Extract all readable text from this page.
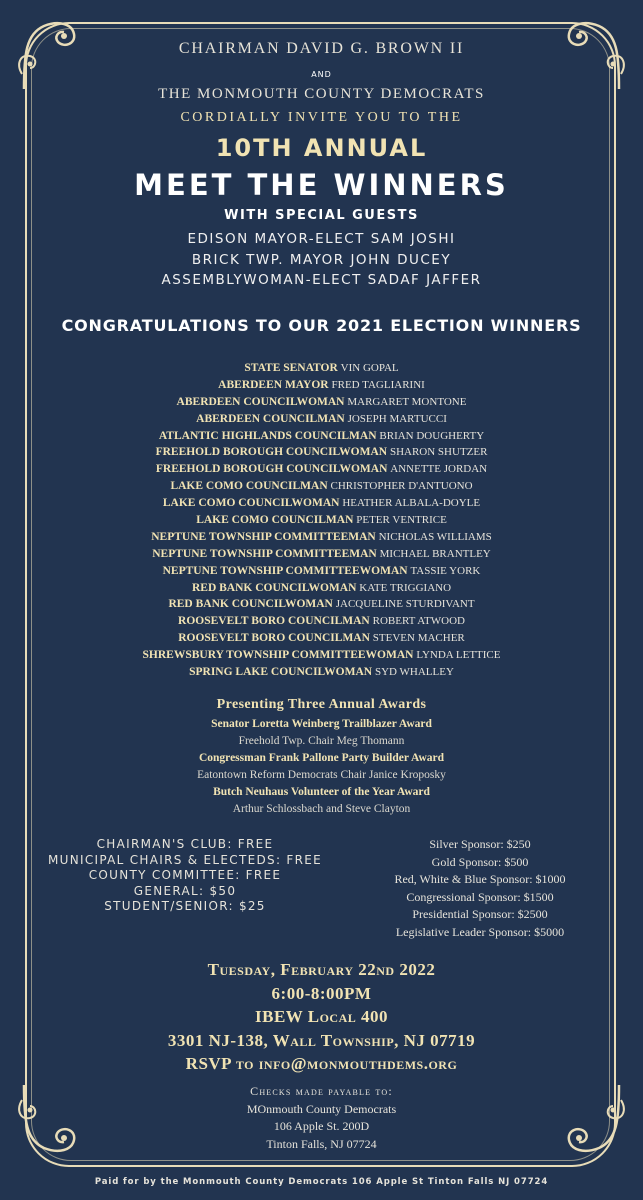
CHAIRMAN DAVID G. BROWN II
AND
THE MONMOUTH COUNTY DEMOCRATS
CORDIALLY INVITE YOU TO THE
10TH ANNUAL
MEET THE WINNERS
WITH SPECIAL GUESTS
EDISON MAYOR-ELECT SAM JOSHI
BRICK TWP. MAYOR JOHN DUCEY
ASSEMBLYWOMAN-ELECT SADAF JAFFER
CONGRATULATIONS TO OUR 2021 ELECTION WINNERS
STATE SENATOR VIN GOPAL
ABERDEEN MAYOR FRED TAGLIARINI
ABERDEEN COUNCILWOMAN MARGARET MONTONE
ABERDEEN COUNCILMAN JOSEPH MARTUCCI
ATLANTIC HIGHLANDS COUNCILMAN BRIAN DOUGHERTY
FREEHOLD BOROUGH COUNCILWOMAN SHARON SHUTZER
FREEHOLD BOROUGH COUNCILWOMAN ANNETTE JORDAN
LAKE COMO COUNCILMAN CHRISTOPHER D'ANTUONO
LAKE COMO COUNCILWOMAN HEATHER ALBALA-DOYLE
LAKE COMO COUNCILMAN PETER VENTRICE
NEPTUNE TOWNSHIP COMMITTEEMAN NICHOLAS WILLIAMS
NEPTUNE TOWNSHIP COMMITTEEMAN MICHAEL BRANTLEY
NEPTUNE TOWNSHIP COMMITTEEWOMAN TASSIE YORK
RED BANK COUNCILWOMAN KATE TRIGGIANO
RED BANK COUNCILWOMAN JACQUELINE STURDIVANT
ROOSEVELT BORO COUNCILMAN ROBERT ATWOOD
ROOSEVELT BORO COUNCILMAN STEVEN MACHER
SHREWSBURY TOWNSHIP COMMITTEEWOMAN LYNDA LETTICE
SPRING LAKE COUNCILWOMAN SYD WHALLEY
Presenting Three Annual Awards
Senator Loretta Weinberg Trailblazer Award
Freehold Twp. Chair Meg Thomann
Congressman Frank Pallone Party Builder Award
Eatontown Reform Democrats Chair Janice Kroposky
Butch Neuhaus Volunteer of the Year Award
Arthur Schlossbach and Steve Clayton
CHAIRMAN'S CLUB: FREE
MUNICIPAL CHAIRS & ELECTEDS: FREE
COUNTY COMMITTEE: FREE
GENERAL: $50
STUDENT/SENIOR: $25
Silver Sponsor: $250
Gold Sponsor: $500
Red, White & Blue Sponsor: $1000
Congressional Sponsor: $1500
Presidential Sponsor: $2500
Legislative Leader Sponsor: $5000
Tuesday, February 22nd 2022
6:00-8:00PM
IBEW Local 400
3301 NJ-138, Wall Township, NJ 07719
RSVP to info@monmouthdems.org
Checks made payable to:
MOnmouth County Democrats
106 Apple St. 200D
Tinton Falls, NJ 07724
Paid for by the Monmouth County Democrats 106 Apple St Tinton Falls NJ 07724
